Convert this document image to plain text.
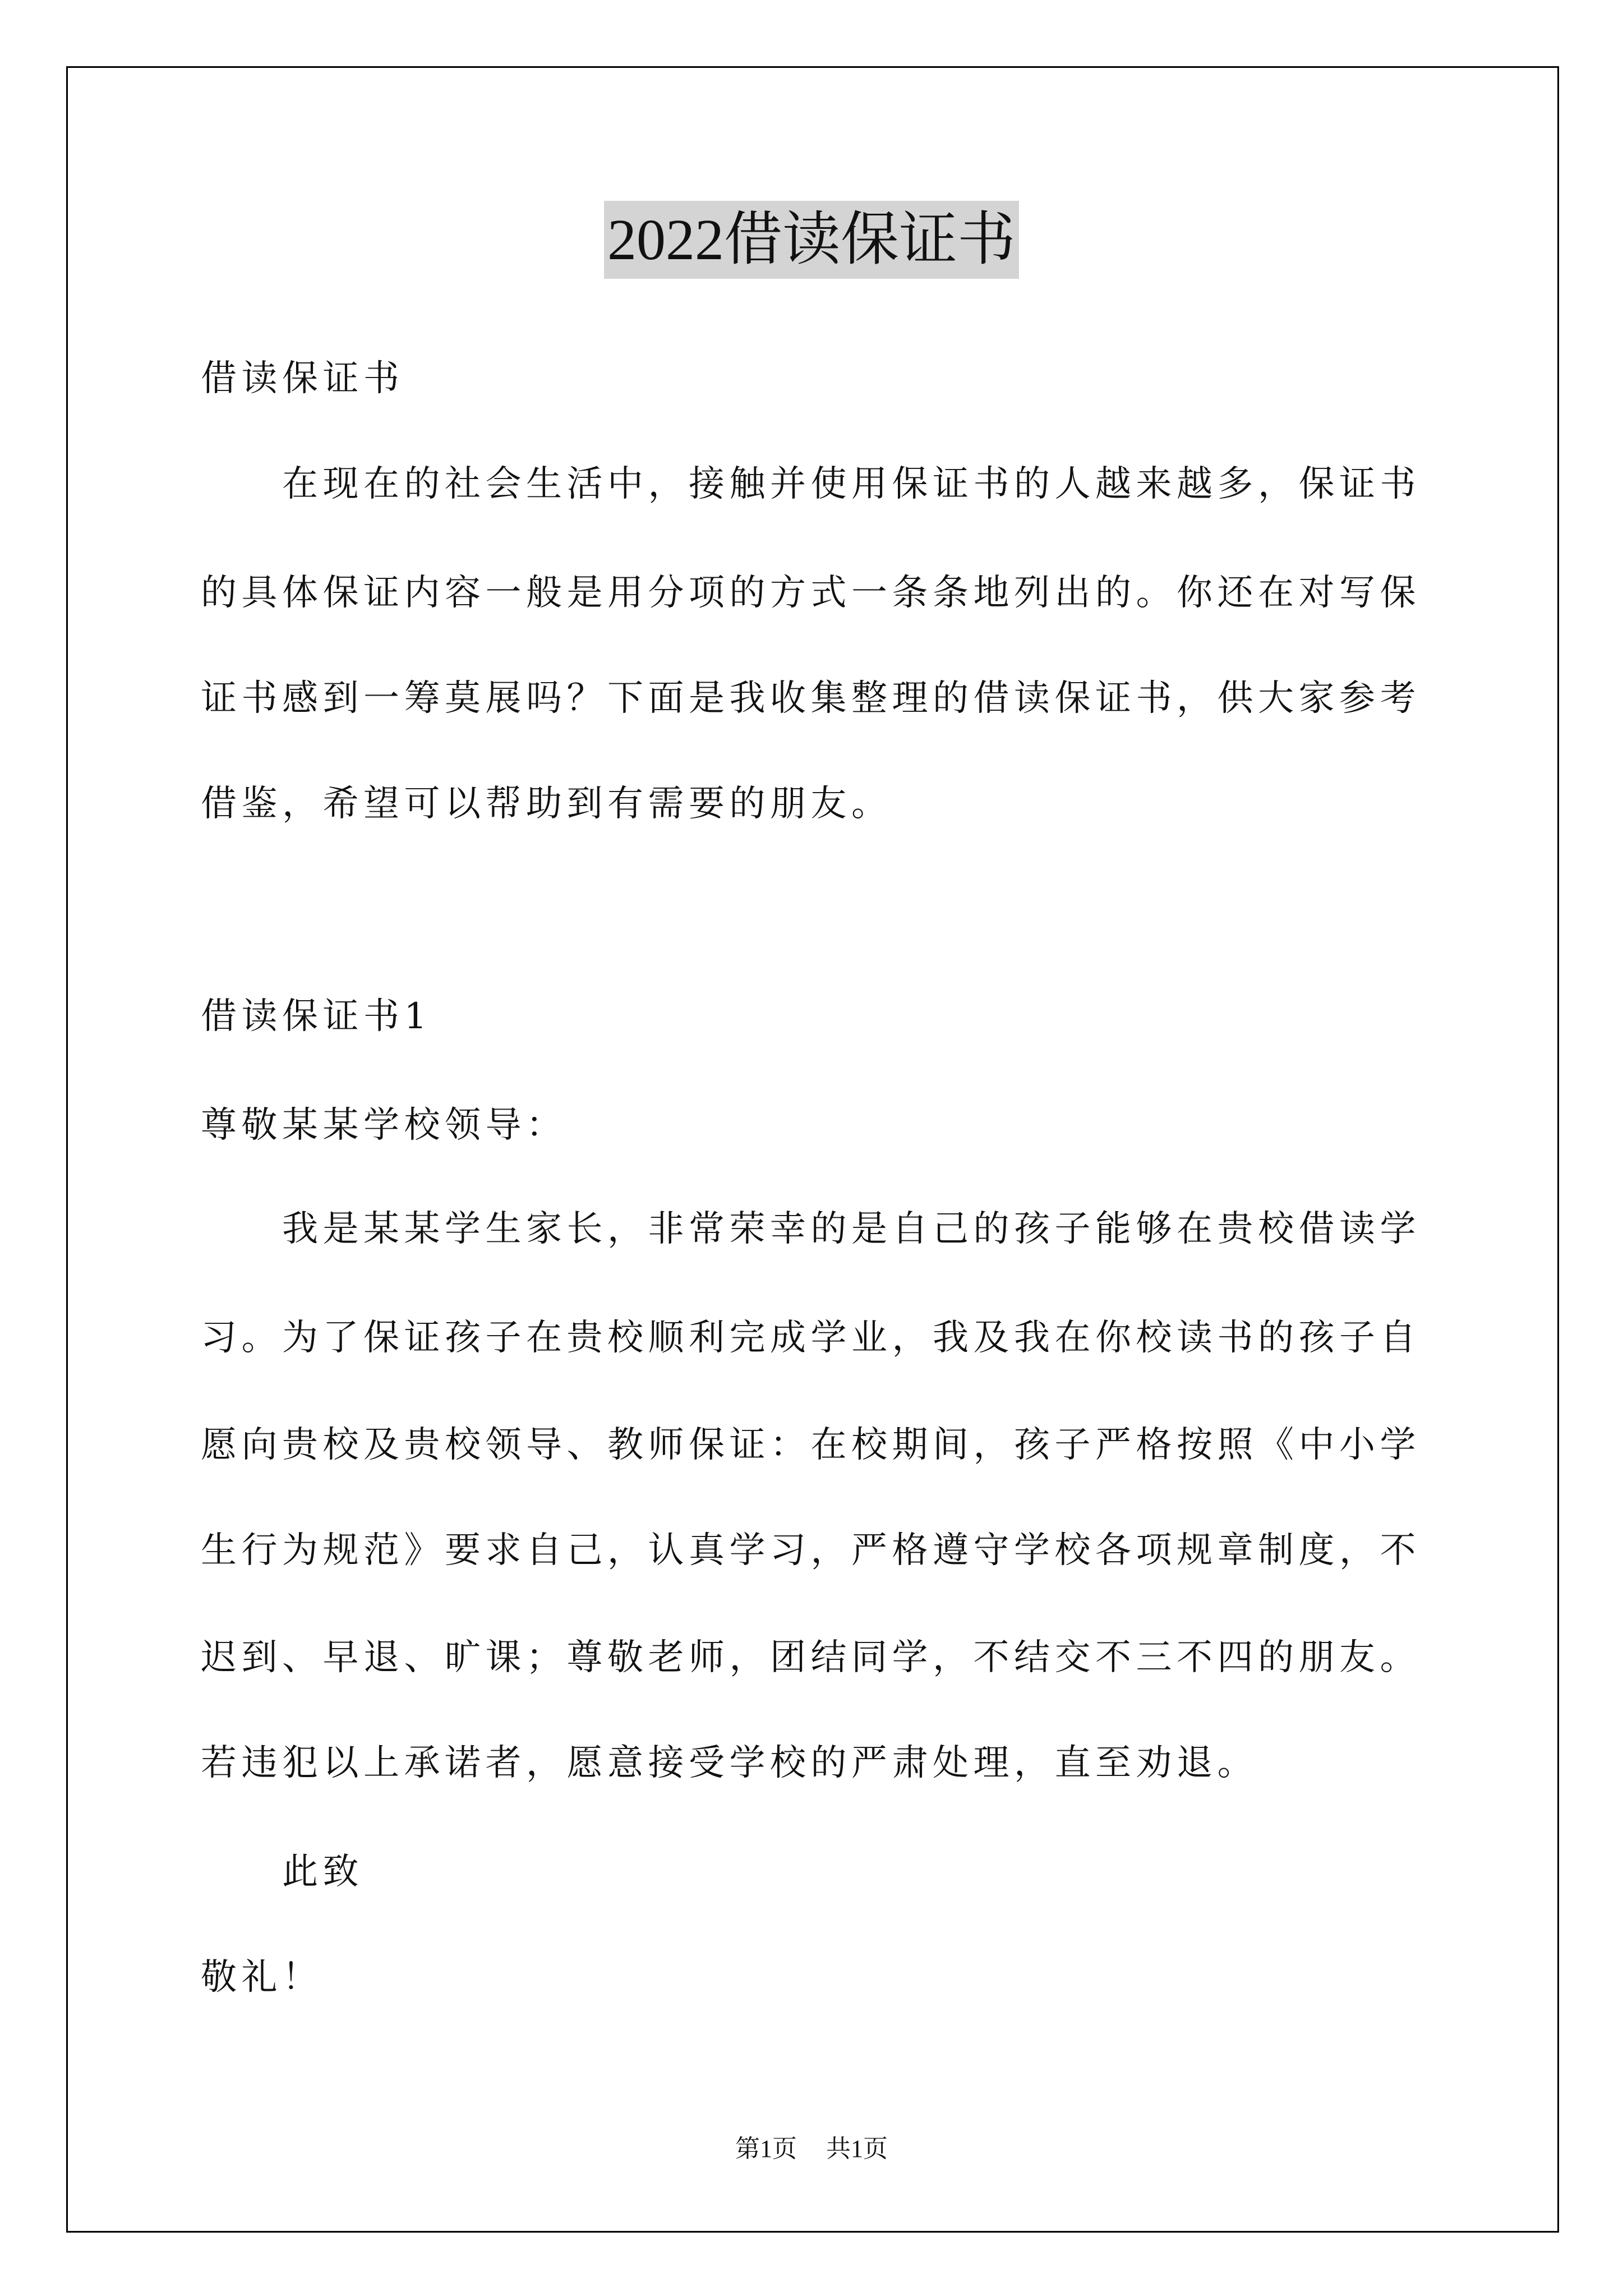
2022借读保证书
借读保证书
在现在的社会生活中，接触并使用保证书的人越来越多，保证书
的具体保证内容一般是用分项的方式一条条地列出的。你还在对写保
证书感到一筹莫展吗？下面是我收集整理的借读保证书，供大家参考
借鉴，希望可以帮助到有需要的朋友。
借读保证书1
尊敬某某学校领导：
我是某某学生家长，非常荣幸的是自己的孩子能够在贵校借读学
习。为了保证孩子在贵校顺利完成学业，我及我在你校读书的孩子自
愿向贵校及贵校领导、教师保证：在校期间，孩子严格按照《中小学
生行为规范》要求自己，认真学习，严格遵守学校各项规章制度，不
迟到、早退、旷课；尊敬老师，团结同学，不结交不三不四的朋友。
若违犯以上承诺者，愿意接受学校的严肃处理，直至劝退。
此致
敬礼！
第1页 共1页
